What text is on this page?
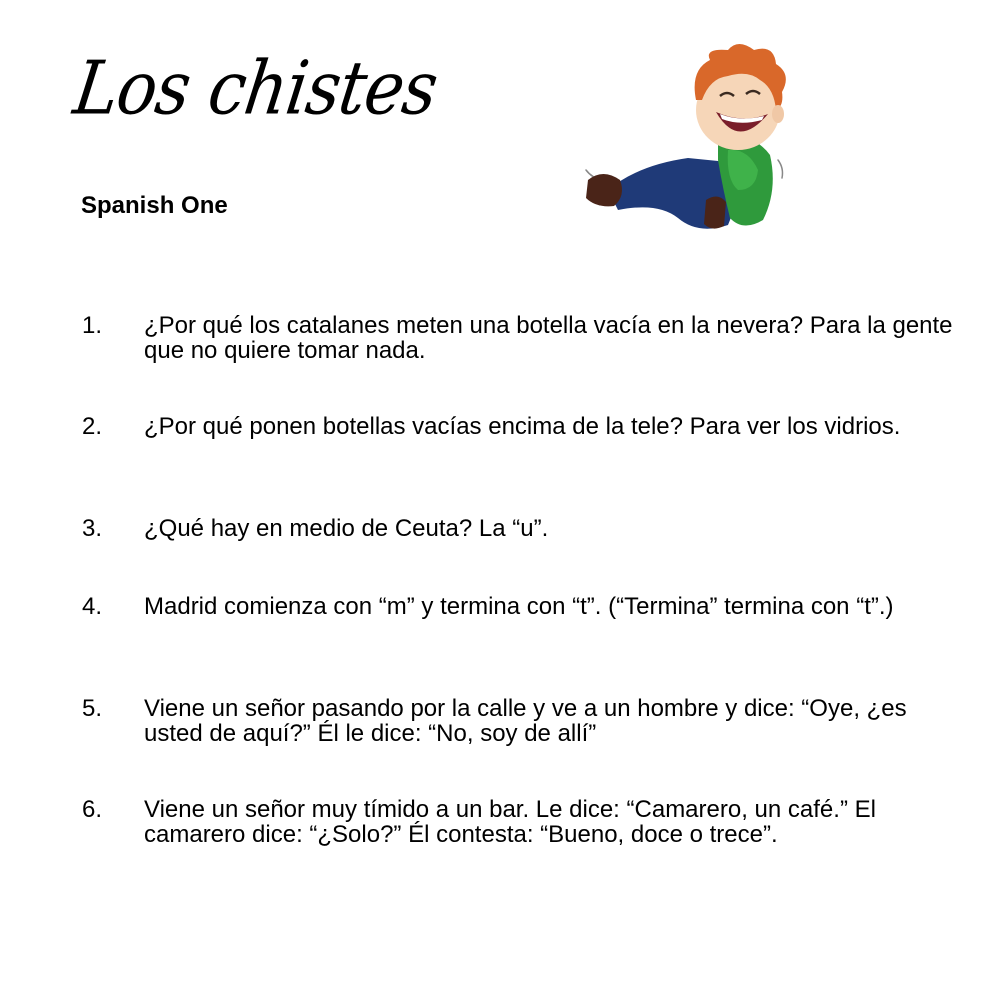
Los chistes
Spanish One
1.	¿Por qué los catalanes meten una botella vacía en la nevera? Para la gente que no quiere tomar nada.
2.	¿Por qué ponen botellas vacías encima de la tele? Para ver los vidrios.
3.	¿Qué hay en medio de Ceuta? La “u”.
4.	Madrid comienza con “m” y termina con “t”. (“Termina” termina con “t”.)
5.	Viene un señor pasando por la calle y ve a un hombre y dice: “Oye, ¿es usted de aquí?” Él le dice: “No, soy de allí”
6.	Viene un señor muy tímido a un bar. Le dice: “Camarero, un café.” El camarero dice: “¿Solo?” Él contesta: “Bueno, doce o trece”.
